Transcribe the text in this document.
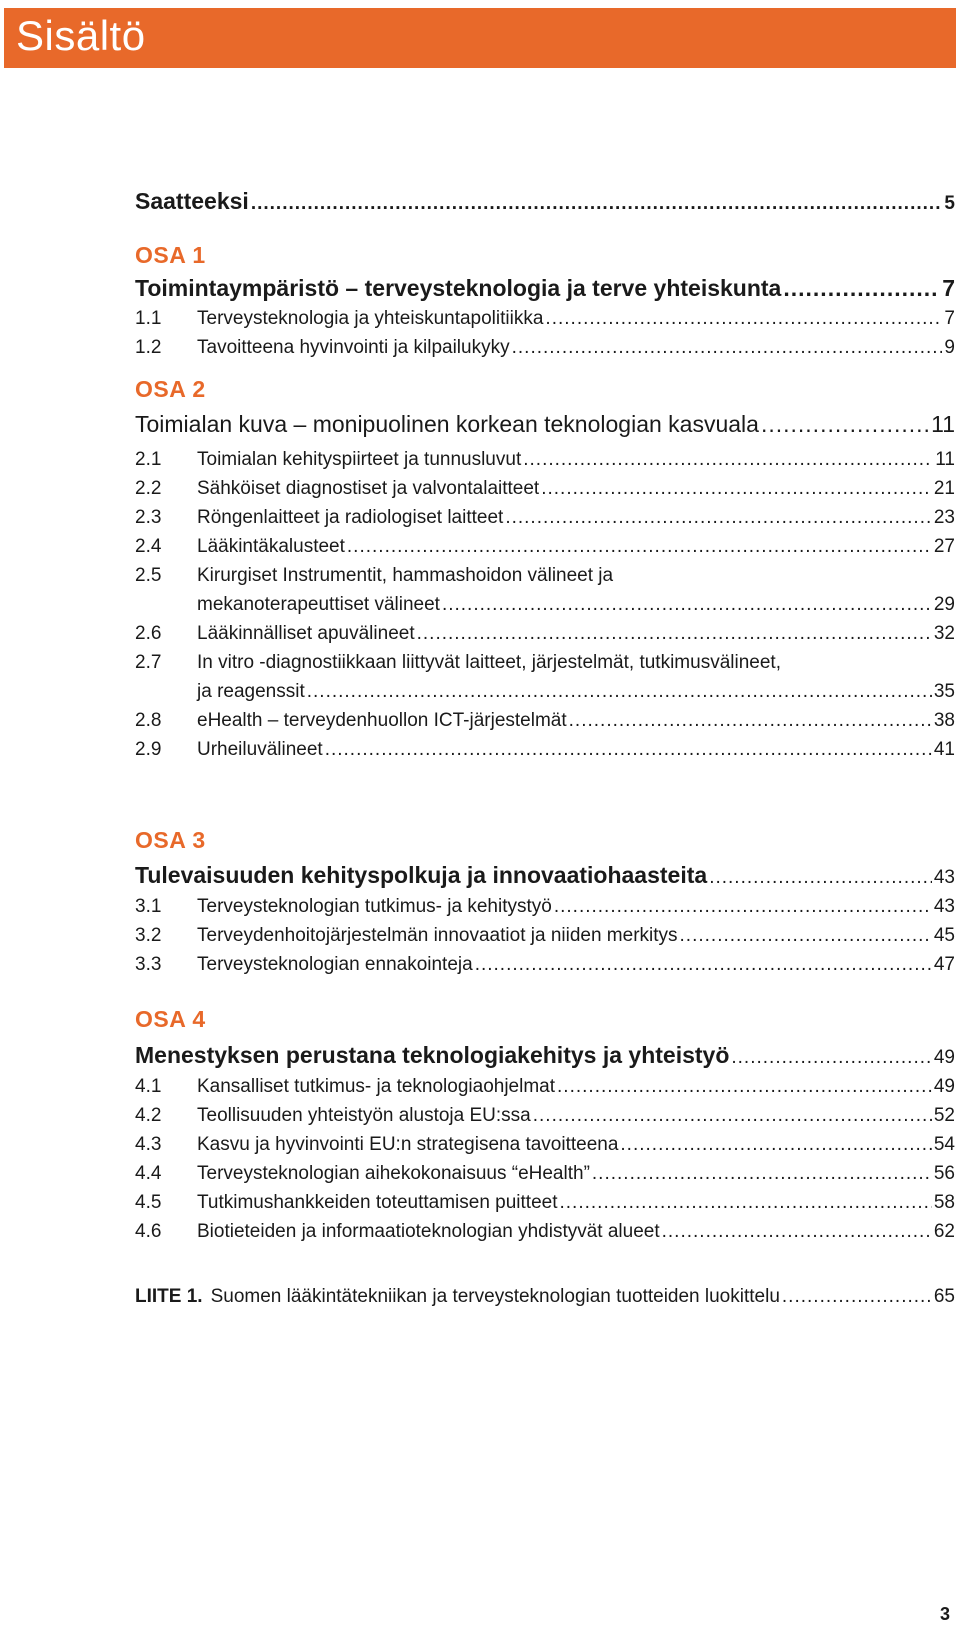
Sisältö
Saatteeksi .....	5
OSA 1
Toimintaympäristö – terveysteknologia ja terve yhteiskunta .....	7
1.1	Terveysteknologia ja yhteiskuntapolitiikka .....	7
1.2	Tavoitteena hyvinvointi ja kilpailukyky .....	9
OSA 2
Toimialan kuva – monipuolinen korkean teknologian kasvuala .....	11
2.1	Toimialan kehityspiirteet ja tunnusluvut .....	11
2.2	Sähköiset diagnostiset ja valvontalaitteet .....	21
2.3	Röngenlaitteet ja radiologiset laitteet .....	23
2.4	Lääkintäkalusteet .....	27
2.5	Kirurgiset Instrumentit, hammashoidon välineet ja
mekanoterapeuttiset välineet .....	29
2.6	Lääkinnälliset apuvälineet .....	32
2.7	In vitro -diagnostiikkaan liittyvät laitteet, järjestelmät, tutkimusvälineet,
ja reagenssit .....	35
2.8	eHealth – terveydenhuollon ICT-järjestelmät .....	38
2.9	Urheiluvälineet .....	41
OSA 3
Tulevaisuuden kehityspolkuja ja innovaatiohaasteita .....	43
3.1	Terveysteknologian tutkimus- ja kehitystyö .....	43
3.2	Terveydenhoitojärjestelmän innovaatiot ja niiden merkitys .....	45
3.3	Terveysteknologian ennakointeja .....	47
OSA 4
Menestyksen perustana teknologiakehitys ja yhteistyö .....	49
4.1	Kansalliset tutkimus- ja teknologiaohjelmat .....	49
4.2	Teollisuuden yhteistyön alustoja EU:ssa .....	52
4.3	Kasvu ja hyvinvointi EU:n strategisena tavoitteena .....	54
4.4	Terveysteknologian aihekokonaisuus “eHealth” .....	56
4.5	Tutkimushankkeiden toteuttamisen puitteet .....	58
4.6	Biotieteiden ja informaatioteknologian yhdistyvät alueet .....	62
LIITE 1. Suomen lääkintätekniikan ja terveysteknologian tuotteiden luokittelu .....	65
3
